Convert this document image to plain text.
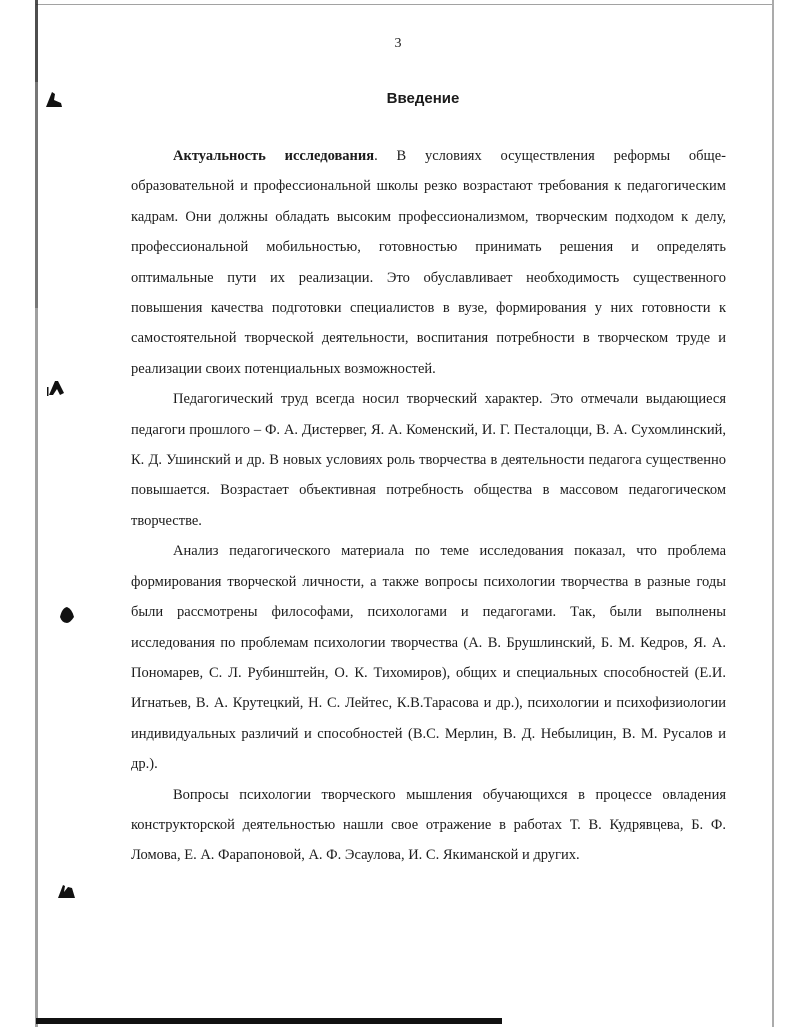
3
Введение

Актуальность исследования. В условиях осуществления реформы общеобразовательной и профессиональной школы резко возрастают требования к педагогическим кадрам. Они должны обладать высоким профессионализмом, творческим подходом к делу, профессиональной мобильностью, готовностью принимать решения и определять оптимальные пути их реализации. Это обуславливает необходимость существенного повышения качества подготовки специалистов в вузе, формирования у них готовности к самостоятельной творческой деятельности, воспитания потребности в творческом труде и реализации своих потенциальных возможностей.

Педагогический труд всегда носил творческий характер. Это отмечали выдающиеся педагоги прошлого – Ф. А. Дистервег, Я. А. Коменский, И. Г. Песталоцци, В. А. Сухомлинский, К. Д. Ушинский и др. В новых условиях роль творчества в деятельности педагога существенно повышается. Возрастает объективная потребность общества в массовом педагогическом творчестве.

Анализ педагогического материала по теме исследования показал, что проблема формирования творческой личности, а также вопросы психологии творчества в разные годы были рассмотрены философами, психологами и педагогами. Так, были выполнены исследования по проблемам психологии творчества (А. В. Брушлинский, Б. М. Кедров, Я. А. Пономарев, С. Л. Рубинштейн, О. К. Тихомиров), общих и специальных способностей (Е.И. Игнатьев, В. А. Крутецкий, Н. С. Лейтес, К.В.Тарасова и др.), психологии и психофизиологии индивидуальных различий и способностей (В.С. Мерлин, В. Д. Небылицин, В. М. Русалов и др.).

Вопросы психологии творческого мышления обучающихся в процессе овладения конструкторской деятельностью нашли свое отражение в работах Т. В. Кудрявцева, Б. Ф. Ломова, Е. А. Фарапоновой, А. Ф. Эсаулова, И. С. Якиманской и других.
